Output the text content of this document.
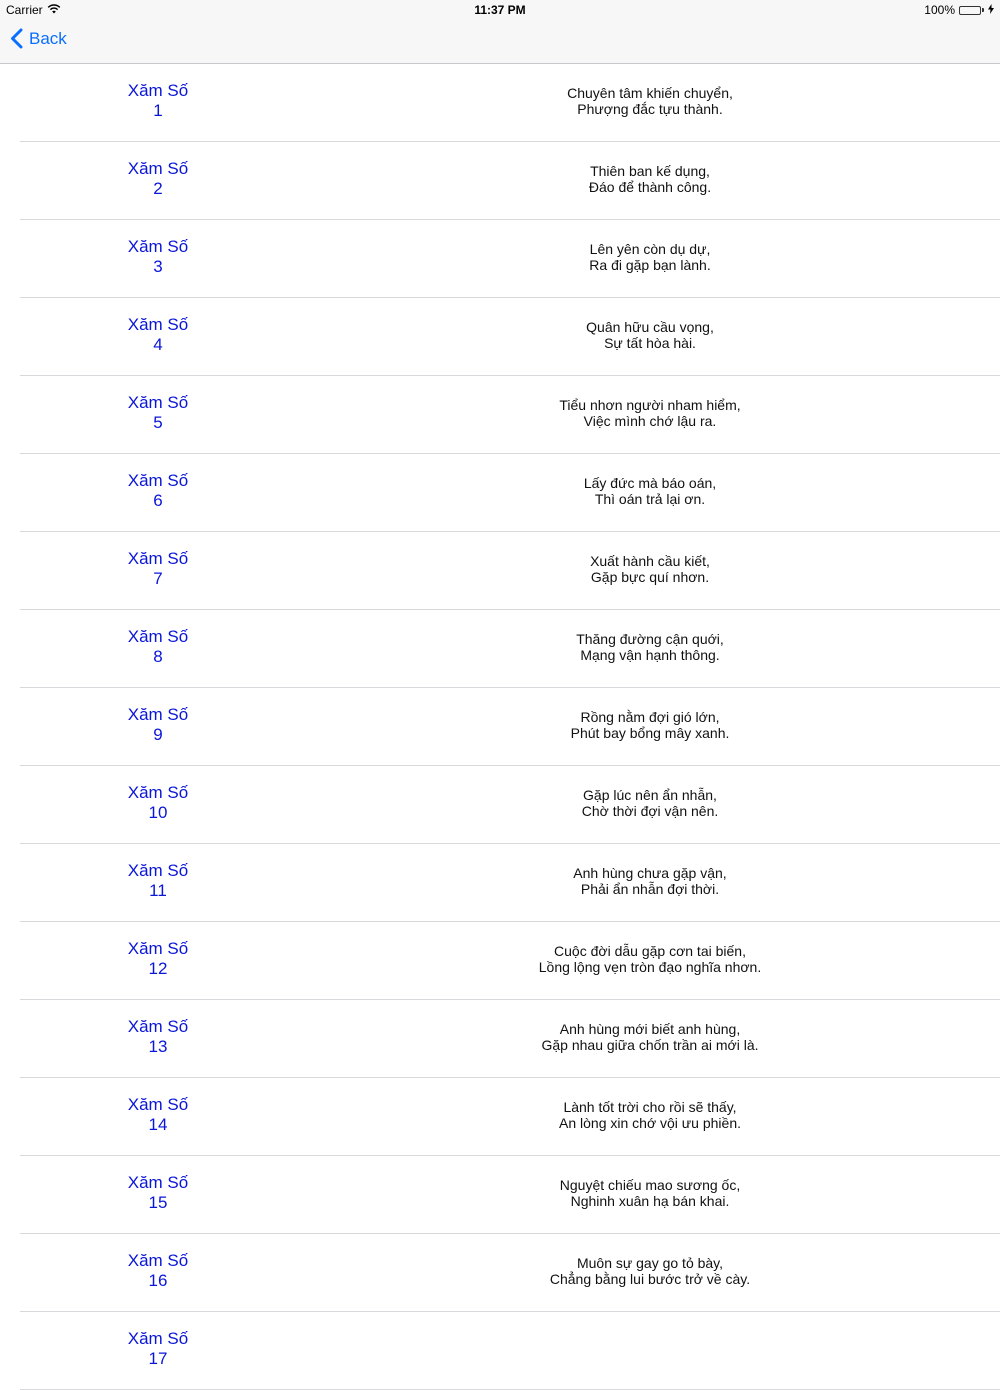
Carrier	11:37 PM	100%
Back
Xăm Số
1
Chuyên tâm khiến chuyển,
Phượng đắc tựu thành.
Xăm Số
2
Thiên ban kế dụng,
Đáo để thành công.
Xăm Số
3
Lên yên còn dụ dự,
Ra đi gặp bạn lành.
Xăm Số
4
Quân hữu cầu vọng,
Sự tất hòa hài.
Xăm Số
5
Tiểu nhơn người nham hiểm,
Việc mình chớ lậu ra.
Xăm Số
6
Lấy đức mà báo oán,
Thì oán trả lại ơn.
Xăm Số
7
Xuất hành cầu kiết,
Gặp bực quí nhơn.
Xăm Số
8
Thăng đường cận quới,
Mạng vận hạnh thông.
Xăm Số
9
Rồng nằm đợi gió lớn,
Phút bay bổng mây xanh.
Xăm Số
10
Gặp lúc nên ẩn nhẫn,
Chờ thời đợi vận nên.
Xăm Số
11
Anh hùng chưa gặp vận,
Phải ẩn nhẫn đợi thời.
Xăm Số
12
Cuộc đời dẫu gặp cơn tai biến,
Lồng lộng vẹn tròn đạo nghĩa nhơn.
Xăm Số
13
Anh hùng mới biết anh hùng,
Gặp nhau giữa chốn trần ai mới là.
Xăm Số
14
Lành tốt trời cho rồi sẽ thấy,
An lòng xin chớ vội ưu phiền.
Xăm Số
15
Nguyệt chiếu mao sương ốc,
Nghinh xuân hạ bán khai.
Xăm Số
16
Muôn sự gay go tỏ bày,
Chẳng bằng lui bước trở về cày.
Xăm Số
17
